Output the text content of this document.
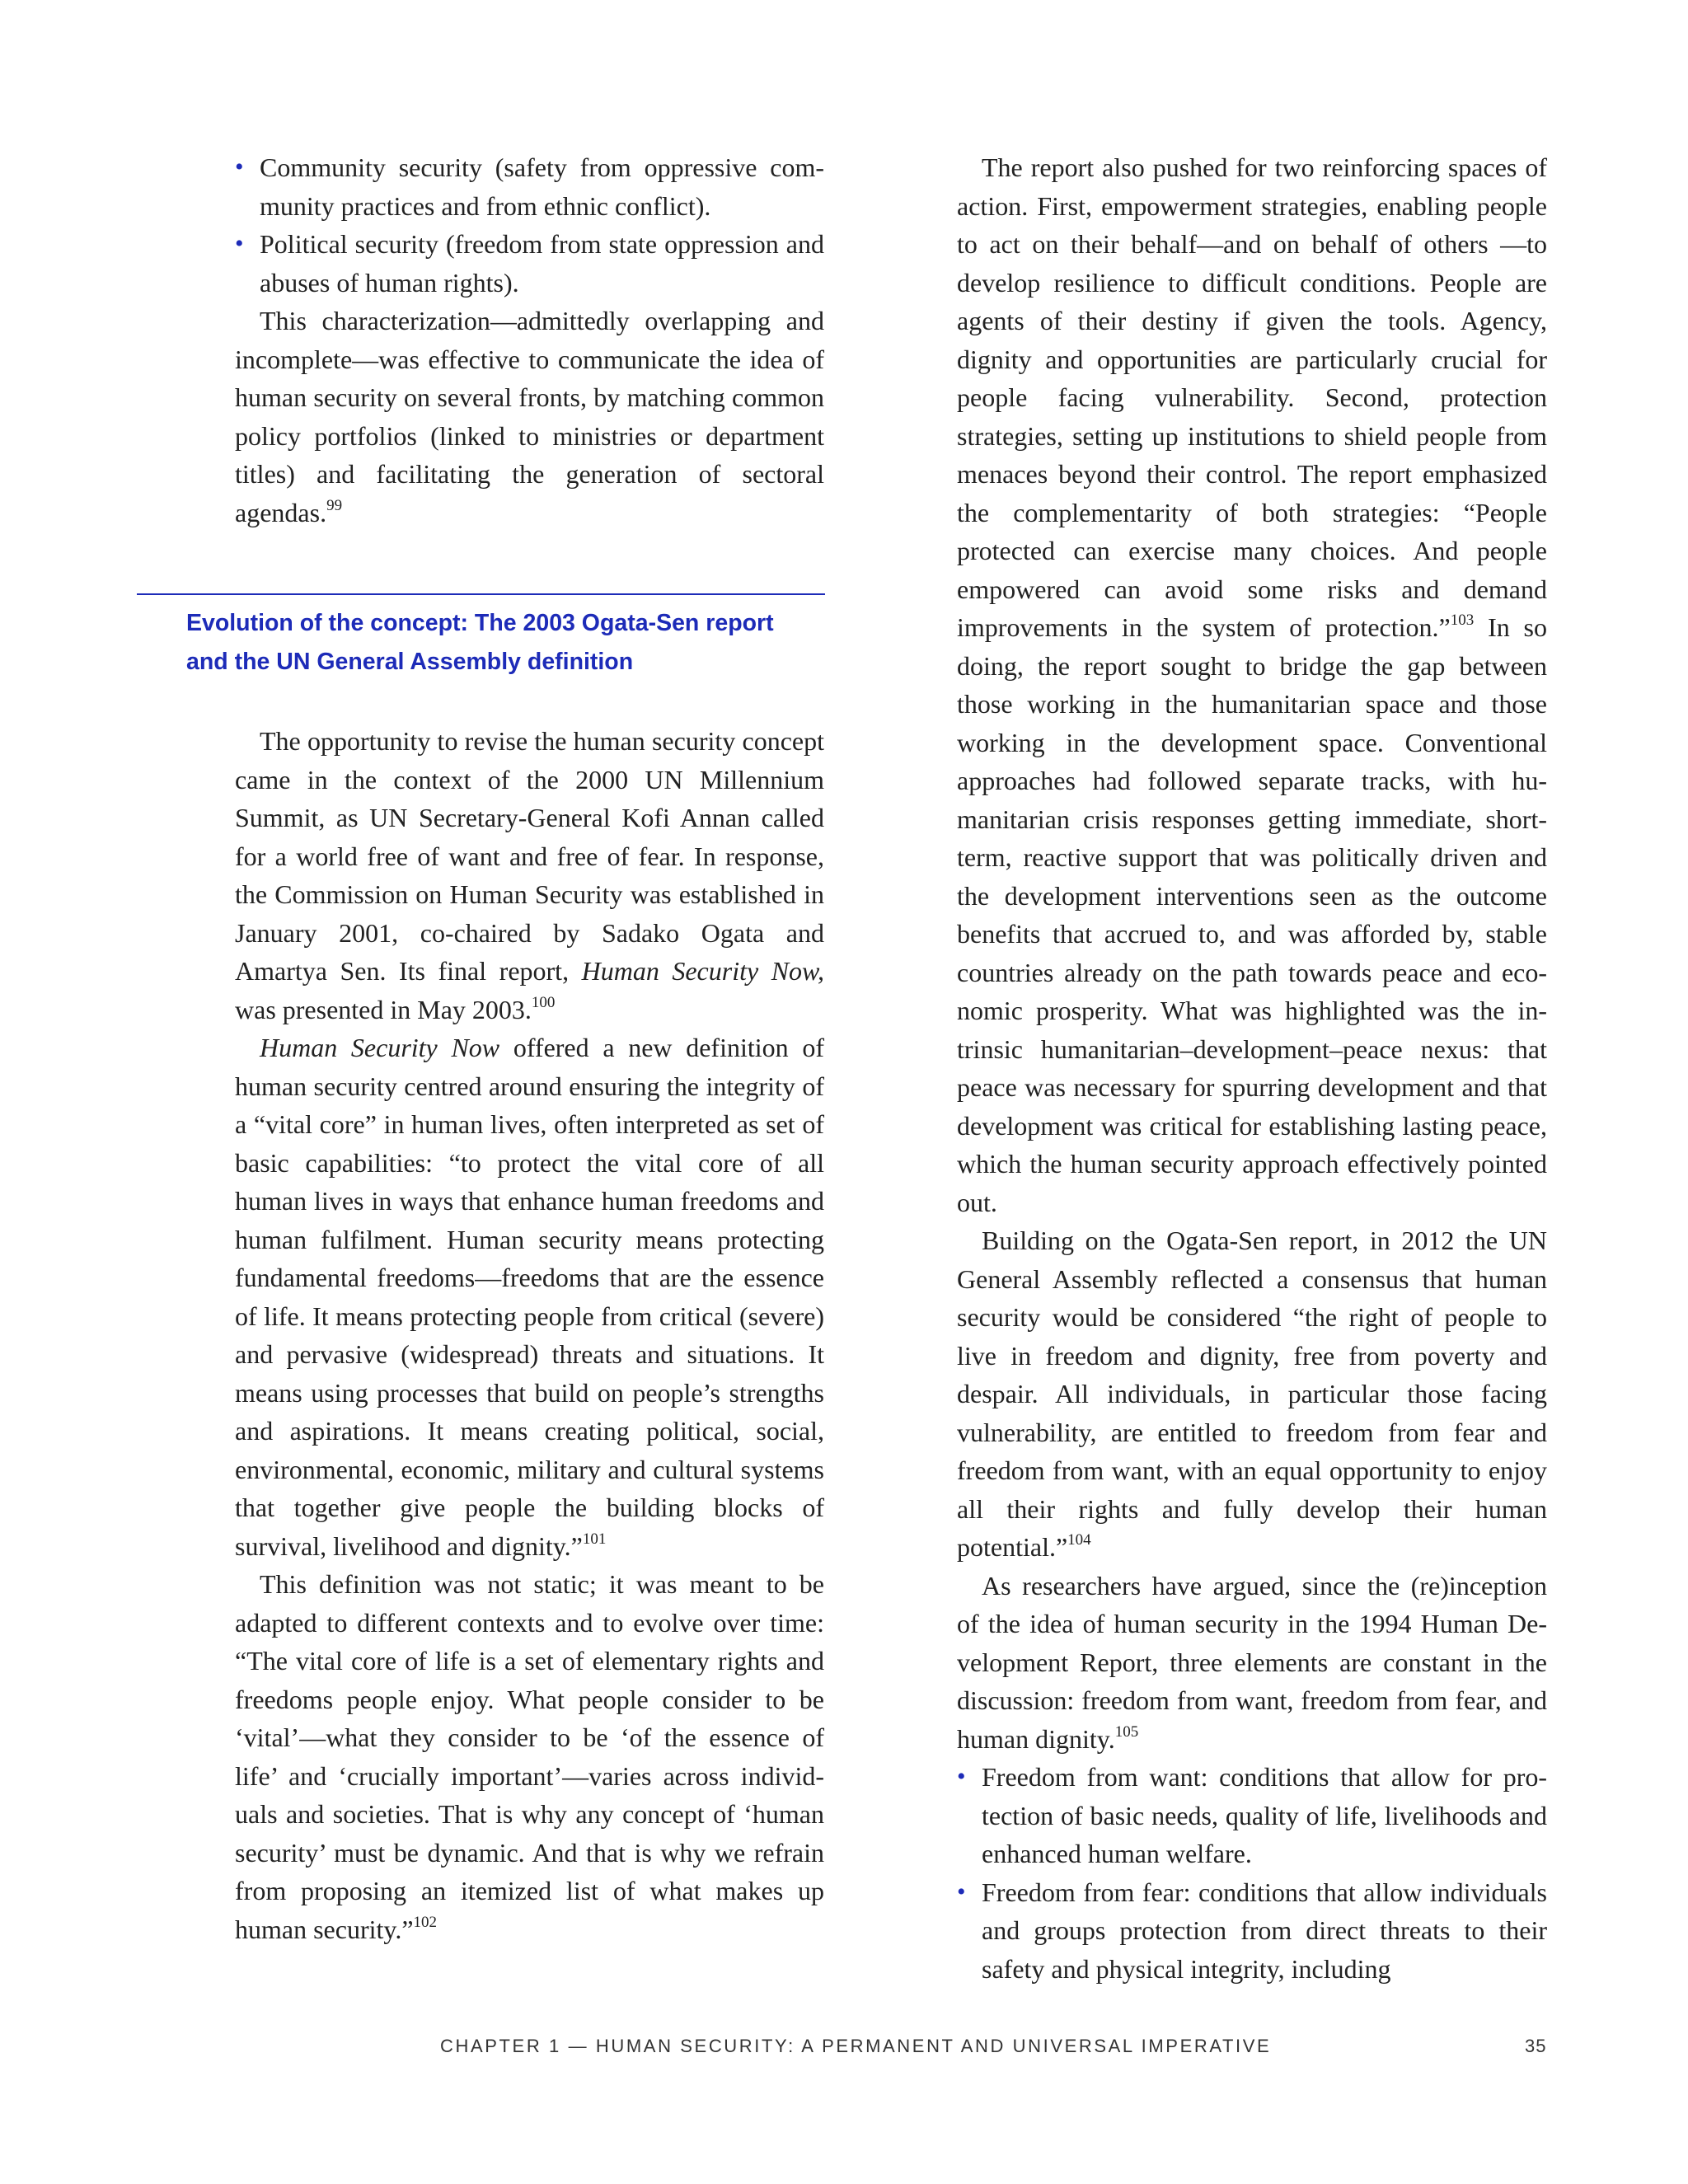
• Community security (safety from oppressive community practices and from ethnic conflict).
• Political security (freedom from state oppression and abuses of human rights).

This characterization—admittedly overlapping and incomplete—was effective to communicate the idea of human security on several fronts, by matching common policy portfolios (linked to ministries or department titles) and facilitating the generation of sectoral agendas.$^{99}$

Evolution of the concept: The 2003 Ogata-Sen report and the UN General Assembly definition

The opportunity to revise the human security concept came in the context of the 2000 UN Millennium Summit, as UN Secretary-General Kofi Annan called for a world free of want and free of fear. In response, the Commission on Human Security was established in January 2001, co-chaired by Sadako Ogata and Amartya Sen. Its final report, Human Security Now, was presented in May 2003.$^{100}$

Human Security Now offered a new definition of human security centred around ensuring the integrity of a “vital core” in human lives, often interpreted as set of basic capabilities: “to protect the vital core of all human lives in ways that enhance human freedoms and human fulfilment. Human security means protecting fundamental freedoms—freedoms that are the essence of life. It means protecting people from critical (severe) and pervasive (widespread) threats and situations. It means using processes that build on people’s strengths and aspirations. It means creating political, social, environmental, economic, military and cultural systems that together give people the building blocks of survival, livelihood and dignity.”$^{101}$

This definition was not static; it was meant to be adapted to different contexts and to evolve over time: “The vital core of life is a set of elementary rights and freedoms people enjoy. What people consider to be ‘vital’—what they consider to be ‘of the essence of life’ and ‘crucially important’—varies across individuals and societies. That is why any concept of ‘human security’ must be dynamic. And that is why we refrain from proposing an itemized list of what makes up human security.”$^{102}$

The report also pushed for two reinforcing spaces of action. First, empowerment strategies, enabling people to act on their behalf—and on behalf of others —to develop resilience to difficult conditions. People are agents of their destiny if given the tools. Agency, dignity and opportunities are particularly crucial for people facing vulnerability. Second, protection strategies, setting up institutions to shield people from menaces beyond their control. The report emphasized the complementarity of both strategies: “People protected can exercise many choices. And people empowered can avoid some risks and demand improvements in the system of protection.”$^{103}$ In so doing, the report sought to bridge the gap between those working in the humanitarian space and those working in the development space. Conventional approaches had followed separate tracks, with humanitarian crisis responses getting immediate, short-term, reactive support that was politically driven and the development interventions seen as the outcome benefits that accrued to, and was afforded by, stable countries already on the path towards peace and economic prosperity. What was highlighted was the intrinsic humanitarian–development–peace nexus: that peace was necessary for spurring development and that development was critical for establishing lasting peace, which the human security approach effectively pointed out.

Building on the Ogata-Sen report, in 2012 the UN General Assembly reflected a consensus that human security would be considered “the right of people to live in freedom and dignity, free from poverty and despair. All individuals, in particular those facing vulnerability, are entitled to freedom from fear and freedom from want, with an equal opportunity to enjoy all their rights and fully develop their human potential.”$^{104}$

As researchers have argued, since the (re)inception of the idea of human security in the 1994 Human Development Report, three elements are constant in the discussion: freedom from want, freedom from fear, and human dignity.$^{105}$

• Freedom from want: conditions that allow for protection of basic needs, quality of life, livelihoods and enhanced human welfare.
• Freedom from fear: conditions that allow individuals and groups protection from direct threats to their safety and physical integrity, including
CHAPTER 1 — HUMAN SECURITY: A PERMANENT AND UNIVERSAL IMPERATIVE	35
